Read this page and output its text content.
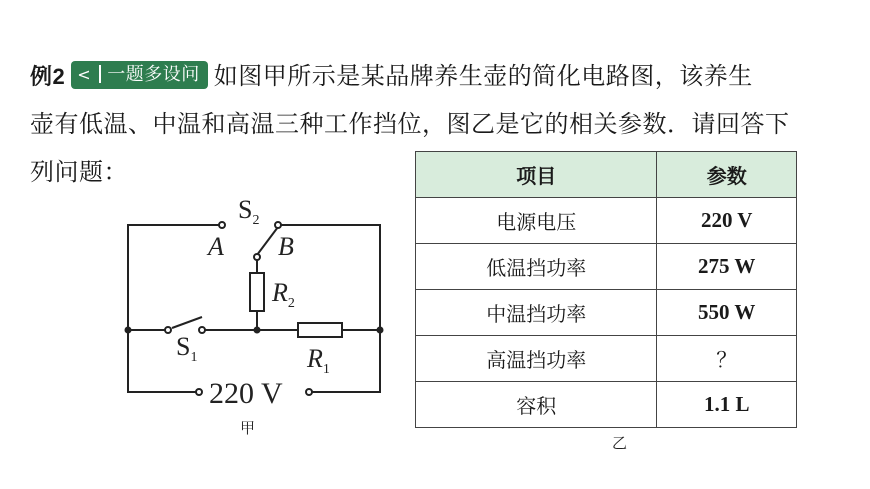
例2 < 一题多设问 如图甲所示是某品牌养生壶的简化电路图，该养生
壶有低温、中温和高温三种工作挡位，图乙是它的相关参数．请回答下
列问题：
$S_2$
A B
$R_2$
$S_1$	$R_1$
220 V
甲
项目	参数
电源电压	220 V
低温挡功率	275 W
中温挡功率	550 W
高温挡功率	？
容积	1.1 L
乙
